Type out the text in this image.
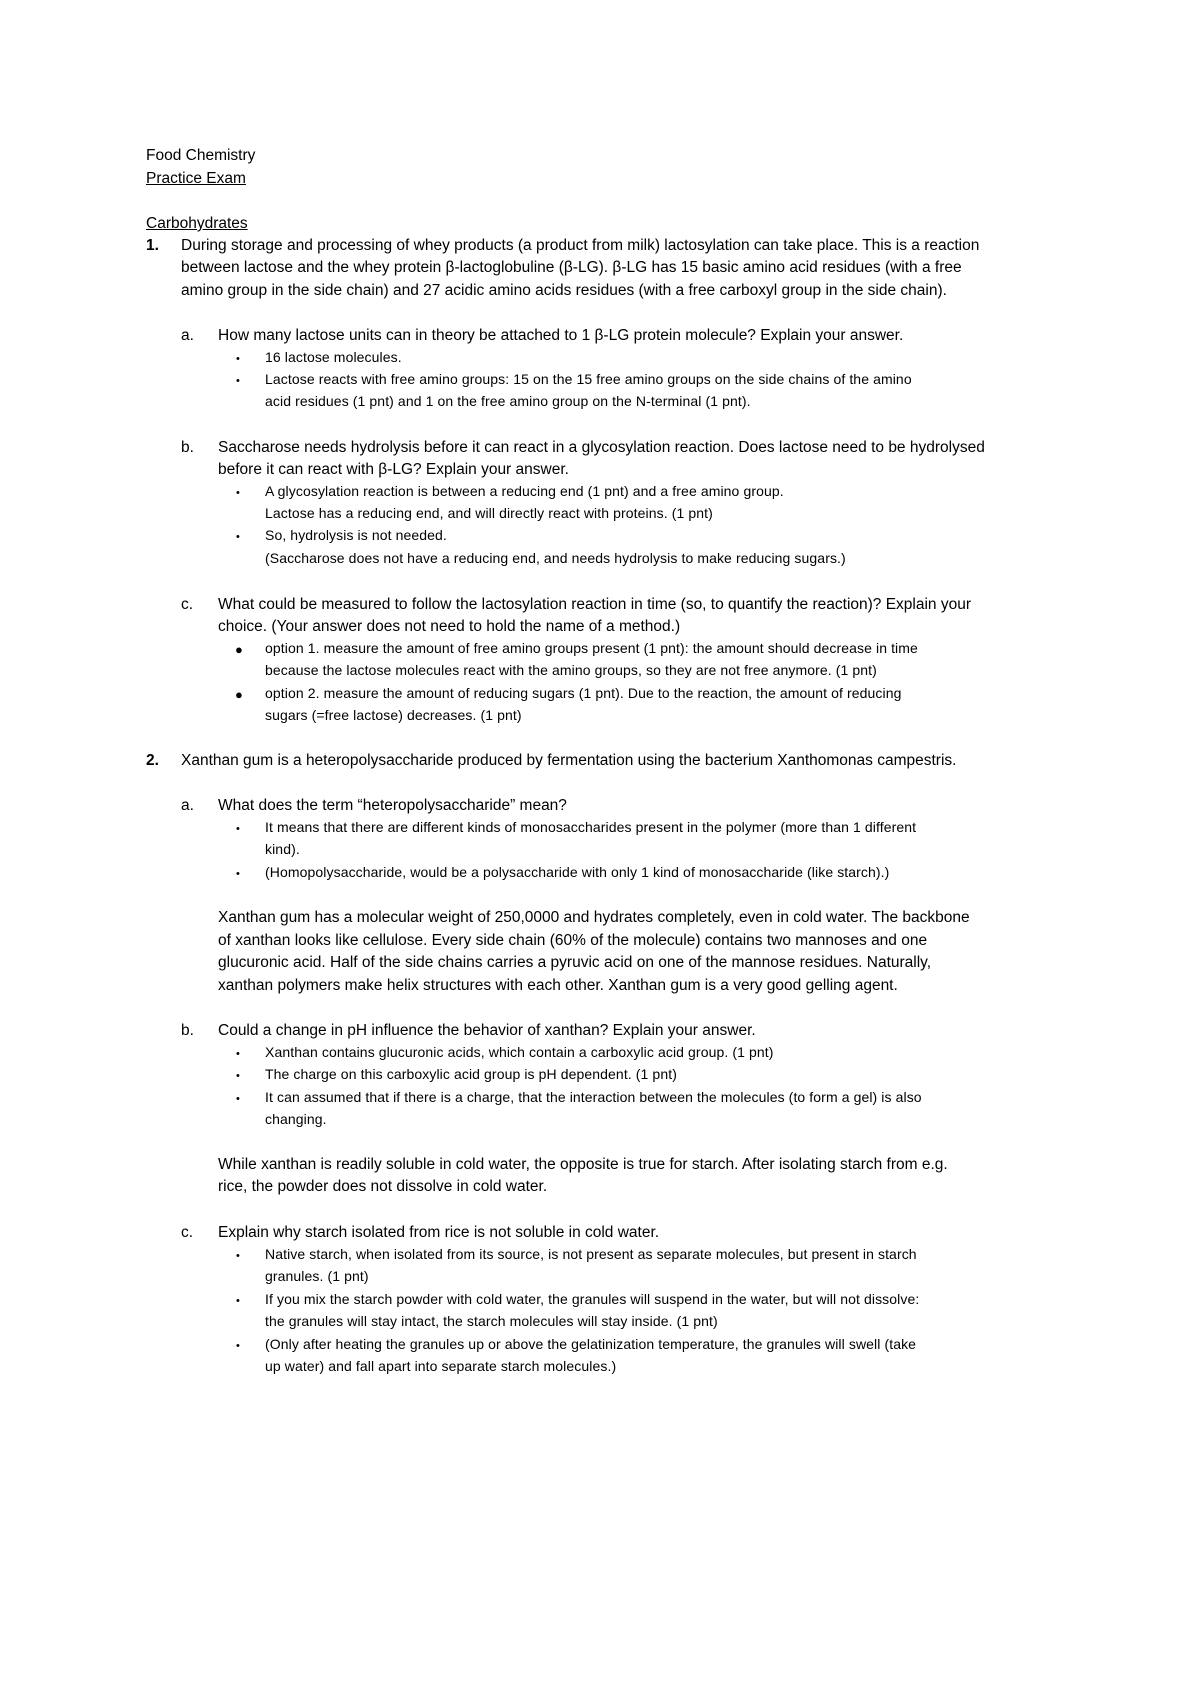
Food Chemistry
Practice Exam
Carbohydrates
1. During storage and processing of whey products (a product from milk) lactosylation can take place. This is a reaction
between lactose and the whey protein β-lactoglobuline (β-LG). β-LG has 15 basic amino acid residues (with a free
amino group in the side chain) and 27 acidic amino acids residues (with a free carboxyl group in the side chain).
a. How many lactose units can in theory be attached to 1 β-LG protein molecule? Explain your answer.
• 16 lactose molecules.
• Lactose reacts with free amino groups: 15 on the 15 free amino groups on the side chains of the amino
acid residues (1 pnt) and 1 on the free amino group on the N-terminal (1 pnt).
b. Saccharose needs hydrolysis before it can react in a glycosylation reaction. Does lactose need to be hydrolysed
before it can react with β-LG? Explain your answer.
• A glycosylation reaction is between a reducing end (1 pnt) and a free amino group.
Lactose has a reducing end, and will directly react with proteins. (1 pnt)
• So, hydrolysis is not needed.
(Saccharose does not have a reducing end, and needs hydrolysis to make reducing sugars.)
c. What could be measured to follow the lactosylation reaction in time (so, to quantify the reaction)? Explain your
choice. (Your answer does not need to hold the name of a method.)
● option 1. measure the amount of free amino groups present (1 pnt): the amount should decrease in time
because the lactose molecules react with the amino groups, so they are not free anymore. (1 pnt)
● option 2. measure the amount of reducing sugars (1 pnt). Due to the reaction, the amount of reducing
sugars (=free lactose) decreases. (1 pnt)
2. Xanthan gum is a heteropolysaccharide produced by fermentation using the bacterium Xanthomonas campestris.
a. What does the term “heteropolysaccharide” mean?
• It means that there are different kinds of monosaccharides present in the polymer (more than 1 different
kind).
• (Homopolysaccharide, would be a polysaccharide with only 1 kind of monosaccharide (like starch).)
Xanthan gum has a molecular weight of 250,0000 and hydrates completely, even in cold water. The backbone
of xanthan looks like cellulose. Every side chain (60% of the molecule) contains two mannoses and one
glucuronic acid. Half of the side chains carries a pyruvic acid on one of the mannose residues. Naturally,
xanthan polymers make helix structures with each other. Xanthan gum is a very good gelling agent.
b. Could a change in pH influence the behavior of xanthan? Explain your answer.
• Xanthan contains glucuronic acids, which contain a carboxylic acid group. (1 pnt)
• The charge on this carboxylic acid group is pH dependent. (1 pnt)
• It can assumed that if there is a charge, that the interaction between the molecules (to form a gel) is also
changing.
While xanthan is readily soluble in cold water, the opposite is true for starch. After isolating starch from e.g.
rice, the powder does not dissolve in cold water.
c. Explain why starch isolated from rice is not soluble in cold water.
• Native starch, when isolated from its source, is not present as separate molecules, but present in starch
granules. (1 pnt)
• If you mix the starch powder with cold water, the granules will suspend in the water, but will not dissolve:
the granules will stay intact, the starch molecules will stay inside. (1 pnt)
• (Only after heating the granules up or above the gelatinization temperature, the granules will swell (take
up water) and fall apart into separate starch molecules.)
